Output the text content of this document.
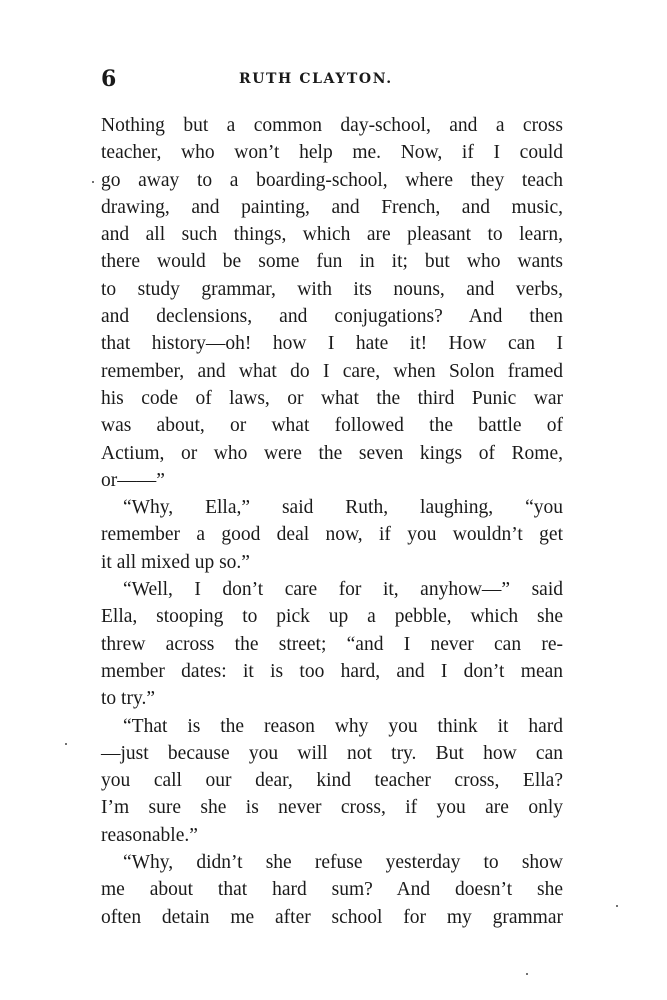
6	RUTH CLAYTON.
Nothing but a common day-school, and a cross
teacher, who won’t help me. Now, if I could
go away to a boarding-school, where they teach
drawing, and painting, and French, and music,
and all such things, which are pleasant to learn,
there would be some fun in it; but who wants
to study grammar, with its nouns, and verbs,
and declensions, and conjugations? And then
that history—oh! how I hate it! How can I
remember, and what do I care, when Solon framed
his code of laws, or what the third Punic war
was about, or what followed the battle of
Actium, or who were the seven kings of Rome,
or——”
“Why, Ella,” said Ruth, laughing, “you
remember a good deal now, if you wouldn’t get
it all mixed up so.”
“Well, I don’t care for it, anyhow—” said
Ella, stooping to pick up a pebble, which she
threw across the street; “and I never can re-
member dates: it is too hard, and I don’t mean
to try.”
“That is the reason why you think it hard
—just because you will not try. But how can
you call our dear, kind teacher cross, Ella?
I’m sure she is never cross, if you are only
reasonable.”
“Why, didn’t she refuse yesterday to show
me about that hard sum? And doesn’t she
often detain me after school for my grammar
